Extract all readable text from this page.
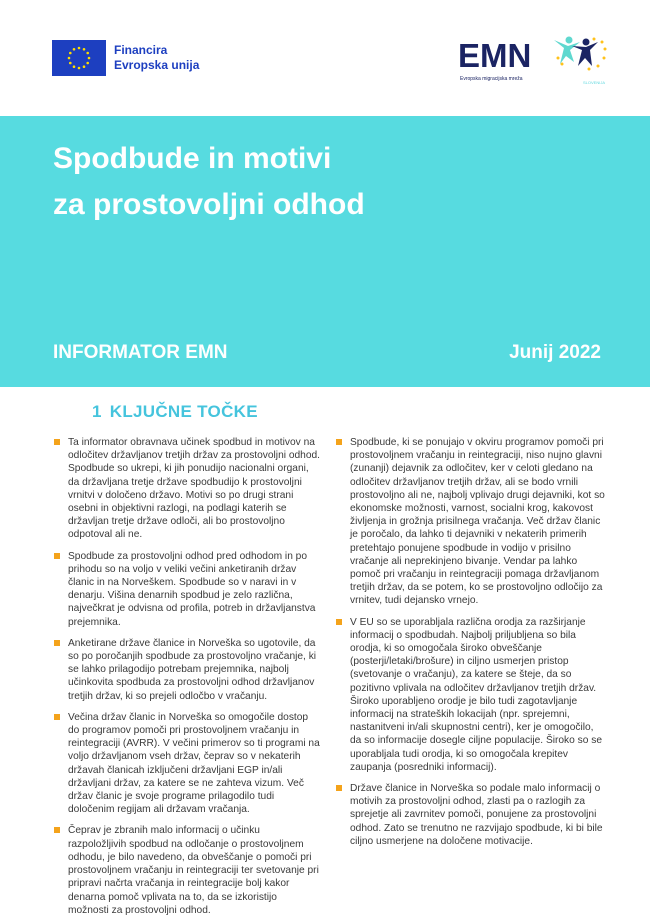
Financira
Evropska unija	EMN
Evropska migracijska mreža
SLOVENIJA
Spodbude in motivi
za prostovoljni odhod
INFORMATOR EMN	Junij 2022
1 KLJUČNE TOČKE
Ta informator obravnava učinek spodbud in motivov na odločitev državljanov tretjih držav za prostovoljni odhod. Spodbude so ukrepi, ki jih ponudijo nacionalni organi, da državljana tretje države spodbudijo k prostovoljni vrnitvi v določeno državo. Motivi so po drugi strani osebni in objektivni razlogi, na podlagi katerih se državljan tretje države odloči, ali bo prostovoljno odpotoval ali ne.
Spodbude za prostovoljni odhod pred odhodom in po prihodu so na voljo v veliki večini anketiranih držav članic in na Norveškem. Spodbude so v naravi in v denarju. Višina denarnih spodbud je zelo različna, največkrat je odvisna od profila, potreb in državljanstva prejemnika.
Anketirane države članice in Norveška so ugotovile, da so po poročanjih spodbude za prostovoljno vračanje, ki se lahko prilagodijo potrebam prejemnika, najbolj učinkovita spodbuda za prostovoljni odhod državljanov tretjih držav, ki so prejeli odločbo v vračanju.
Večina držav članic in Norveška so omogočile dostop do programov pomoči pri prostovoljnem vračanju in reintegraciji (AVRR). V večini primerov so ti programi na voljo državljanom vseh držav, čeprav so v nekaterih državah članicah izključeni državljani EGP in/ali državljani držav, za katere se ne zahteva vizum. Več držav članic je svoje programe prilagodilo tudi določenim regijam ali državam vračanja.
Čeprav je zbranih malo informacij o učinku razpoložljivih spodbud na odločanje o prostovoljnem odhodu, je bilo navedeno, da obveščanje o pomoči pri prostovoljnem vračanju in reintegraciji ter svetovanje pri pripravi načrta vračanja in reintegracije bolj kakor denarna pomoč vplivata na to, da se izkoristijo možnosti za prostovoljni odhod.
Spodbude, ki se ponujajo v okviru programov pomoči pri prostovoljnem vračanju in reintegraciji, niso nujno glavni (zunanji) dejavnik za odločitev, ker v celoti gledano na odločitev državljanov tretjih držav, ali se bodo vrnili prostovoljno ali ne, najbolj vplivajo drugi dejavniki, kot so ekonomske možnosti, varnost, socialni krog, kakovost življenja in grožnja prisilnega vračanja. Več držav članic je poročalo, da lahko ti dejavniki v nekaterih primerih pretehtajo ponujene spodbude in vodijo v prisilno vračanje ali neprekinjeno bivanje. Vendar pa lahko pomoč pri vračanju in reintegraciji pomaga državljanom tretjih držav, da se potem, ko se prostovoljno odločijo za vrnitev, tudi dejansko vrnejo.
V EU so se uporabljala različna orodja za razširjanje informacij o spodbudah. Najbolj priljubljena so bila orodja, ki so omogočala široko obveščanje (posterji/letaki/brošure) in ciljno usmerjen pristop (svetovanje o vračanju), za katere se šteje, da so pozitivno vplivala na odločitev državljanov tretjih držav. Široko uporabljeno orodje je bilo tudi zagotavljanje informacij na strateških lokacijah (npr. sprejemni, nastanitveni in/ali skupnostni centri), ker je omogočilo, da so informacije dosegle ciljne populacije. Široko so se uporabljala tudi orodja, ki so omogočala krepitev zaupanja (posredniki informacij).
Države članice in Norveška so podale malo informacij o motivih za prostovoljni odhod, zlasti pa o razlogih za sprejetje ali zavrnitev pomoči, ponujene za prostovoljni odhod. Zato se trenutno ne razvijajo spodbude, ki bi bile ciljno usmerjene na določene motivacije.
